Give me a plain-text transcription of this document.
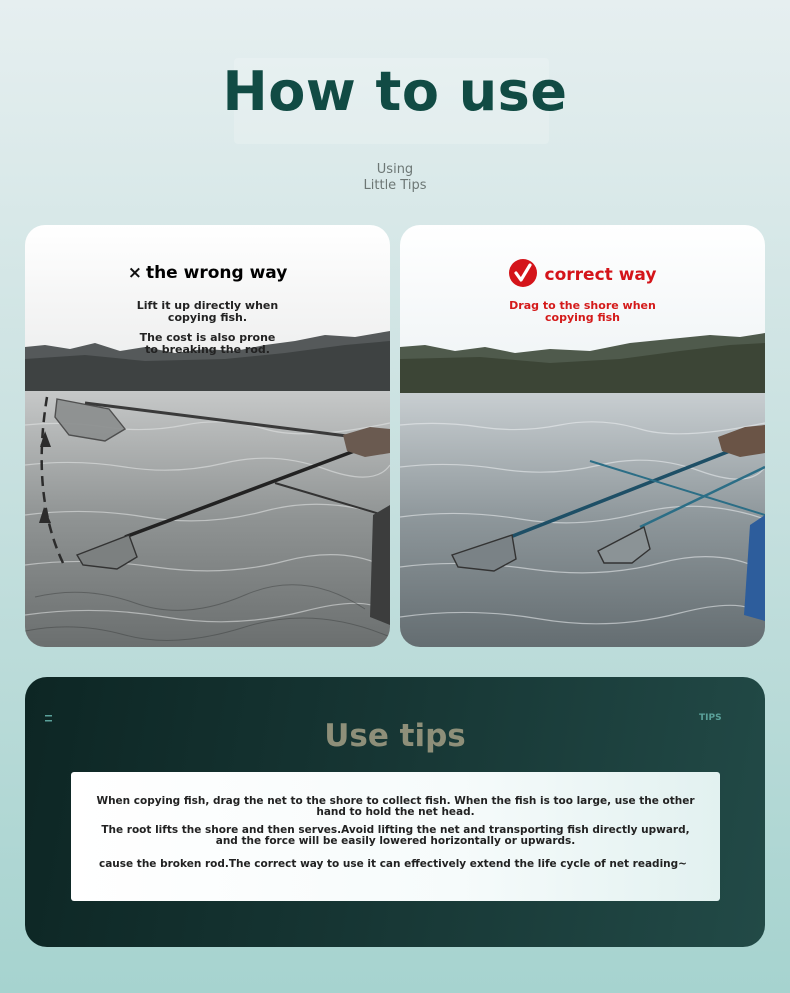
How to use
Using
Little Tips
× the wrong way
Lift it up directly when copying fish.
The cost is also prone to breaking the rod.
correct way
Drag to the shore when copying fish
TIPS
Use tips
When copying fish, drag the net to the shore to collect fish. When the fish is too large, use the other hand to hold the net head.
The root lifts the shore and then serves.Avoid lifting the net and transporting fish directly upward, and the force will be easily lowered horizontally or upwards.
cause the broken rod.The correct way to use it can effectively extend the life cycle of net reading~
